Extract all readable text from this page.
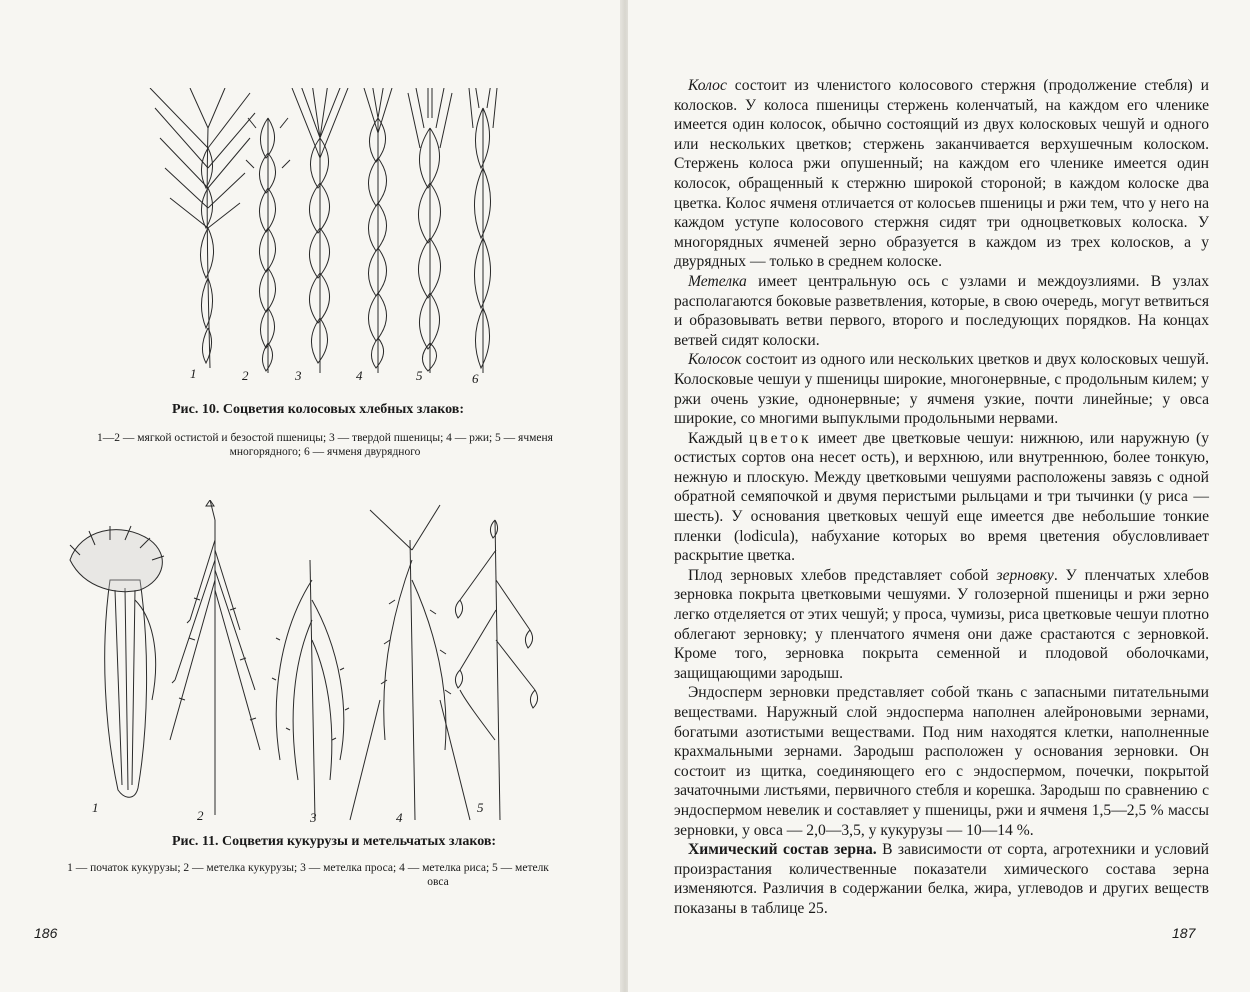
1	2	3	4	5	6
Рис. 10. Соцветия колосовых хлебных злаков:
1—2 — мягкой остистой и безостой пшеницы; 3 — твердой пшеницы; 4 — ржи; 5 — ячменя
многорядного; 6 — ячменя двурядного
1
2	3	4
5
Рис. 11. Соцветия кукурузы и метельчатых злаков:
1 — початок кукурузы; 2 — метелка кукурузы; 3 — метелка проса; 4 — метелка риса; 5 — метелк
овса
186

Колос состоит из членистого колосового стержня (продолжение стебля) и колосков. У колоса пшеницы стержень коленчатый, на каждом его членике имеется один колосок, обычно состоящий из двух колосковых чешуй и одного или нескольких цветков; стержень заканчивается верхушечным колоском. Стержень колоса ржи опушенный; на каждом его членике имеется один колосок, обращенный к стержню широкой стороной; в каждом колоске два цветка. Колос ячменя отличается от колосьев пшеницы и ржи тем, что у него на каждом уступе колосового стержня сидят три одноцветковых колоска. У многорядных ячменей зерно образуется в каждом из трех колосков, а у двурядных — только в среднем колоске.

Метелка имеет центральную ось с узлами и междоузлиями. В узлах располагаются боковые разветвления, которые, в свою очередь, могут ветвиться и образовывать ветви первого, второго и последующих порядков. На концах ветвей сидят колоски.

Колосок состоит из одного или нескольких цветков и двух колосковых чешуй. Колосковые чешуи у пшеницы широкие, многонервные, с продольным килем; у ржи очень узкие, однонервные; у ячменя узкие, почти линейные; у овса широкие, со многими выпуклыми продольными нервами.

Каждый цветок имеет две цветковые чешуи: нижнюю, или наружную (у остистых сортов она несет ость), и верхнюю, или внутреннюю, более тонкую, нежную и плоскую. Между цветковыми чешуями расположены завязь с одной обратной семяпочкой и двумя перистыми рыльцами и три тычинки (у риса — шесть). У основания цветковых чешуй еще имеется две небольшие тонкие пленки (lodicula), набухание которых во время цветения обусловливает раскрытие цветка.

Плод зерновых хлебов представляет собой зерновку. У пленчатых хлебов зерновка покрыта цветковыми чешуями. У голозерной пшеницы и ржи зерно легко отделяется от этих чешуй; у проса, чумизы, риса цветковые чешуи плотно облегают зерновку; у пленчатого ячменя они даже срастаются с зерновкой. Кроме того, зерновка покрыта семенной и плодовой оболочками, защищающими зародыш.

Эндосперм зерновки представляет собой ткань с запасными питательными веществами. Наружный слой эндосперма наполнен алейроновыми зернами, богатыми азотистыми веществами. Под ним находятся клетки, наполненные крахмальными зернами. Зародыш расположен у основания зерновки. Он состоит из щитка, соединяющего его с эндоспермом, почечки, покрытой зачаточными листьями, первичного стебля и корешка. Зародыш по сравнению с эндоспермом невелик и составляет у пшеницы, ржи и ячменя 1,5—2,5 % массы зерновки, у овса — 2,0—3,5, у кукурузы — 10—14 %.

Химический состав зерна. В зависимости от сорта, агротехники и условий произрастания количественные показатели химического состава зерна изменяются. Различия в содержании белка, жира, углеводов и других веществ показаны в таблице 25.

187
